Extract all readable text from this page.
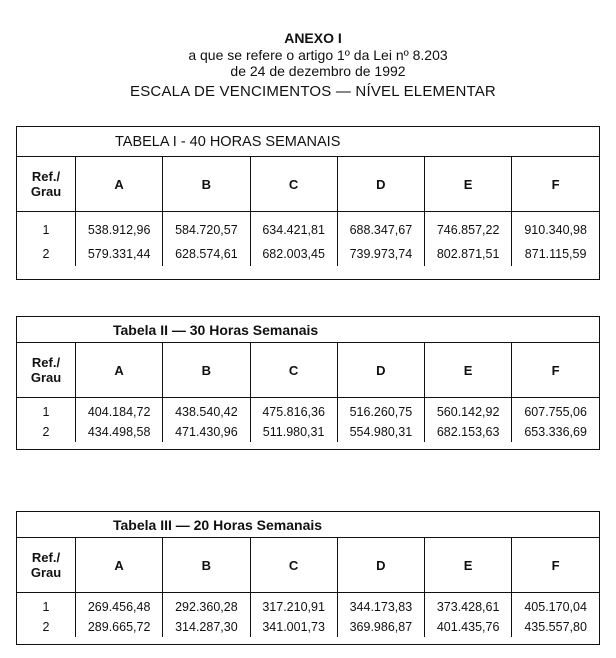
ANEXO I
a que se refere o artigo 1º da Lei nº 8.203
de 24 de dezembro de 1992
ESCALA DE VENCIMENTOS — NÍVEL ELEMENTAR
TABELA I - 40 HORAS SEMANAIS
Ref./
Grau	A	B	C	D	E	F
1	538.912,96	584.720,57	634.421,81	688.347,67	746.857,22	910.340,98
2	579.331,44	628.574,61	682.003,45	739.973,74	802.871,51	871.115,59
Tabela II — 30 Horas Semanais
Ref./
Grau	A	B	C	D	E	F
1	404.184,72	438.540,42	475.816,36	516.260,75	560.142,92	607.755,06
2	434.498,58	471.430,96	511.980,31	554.980,31	682.153,63	653.336,69
Tabela III — 20 Horas Semanais
Ref./
Grau	A	B	C	D	E	F
1	269.456,48	292.360,28	317.210,91	344.173,83	373.428,61	405.170,04
2	289.665,72	314.287,30	341.001,73	369.986,87	401.435,76	435.557,80
